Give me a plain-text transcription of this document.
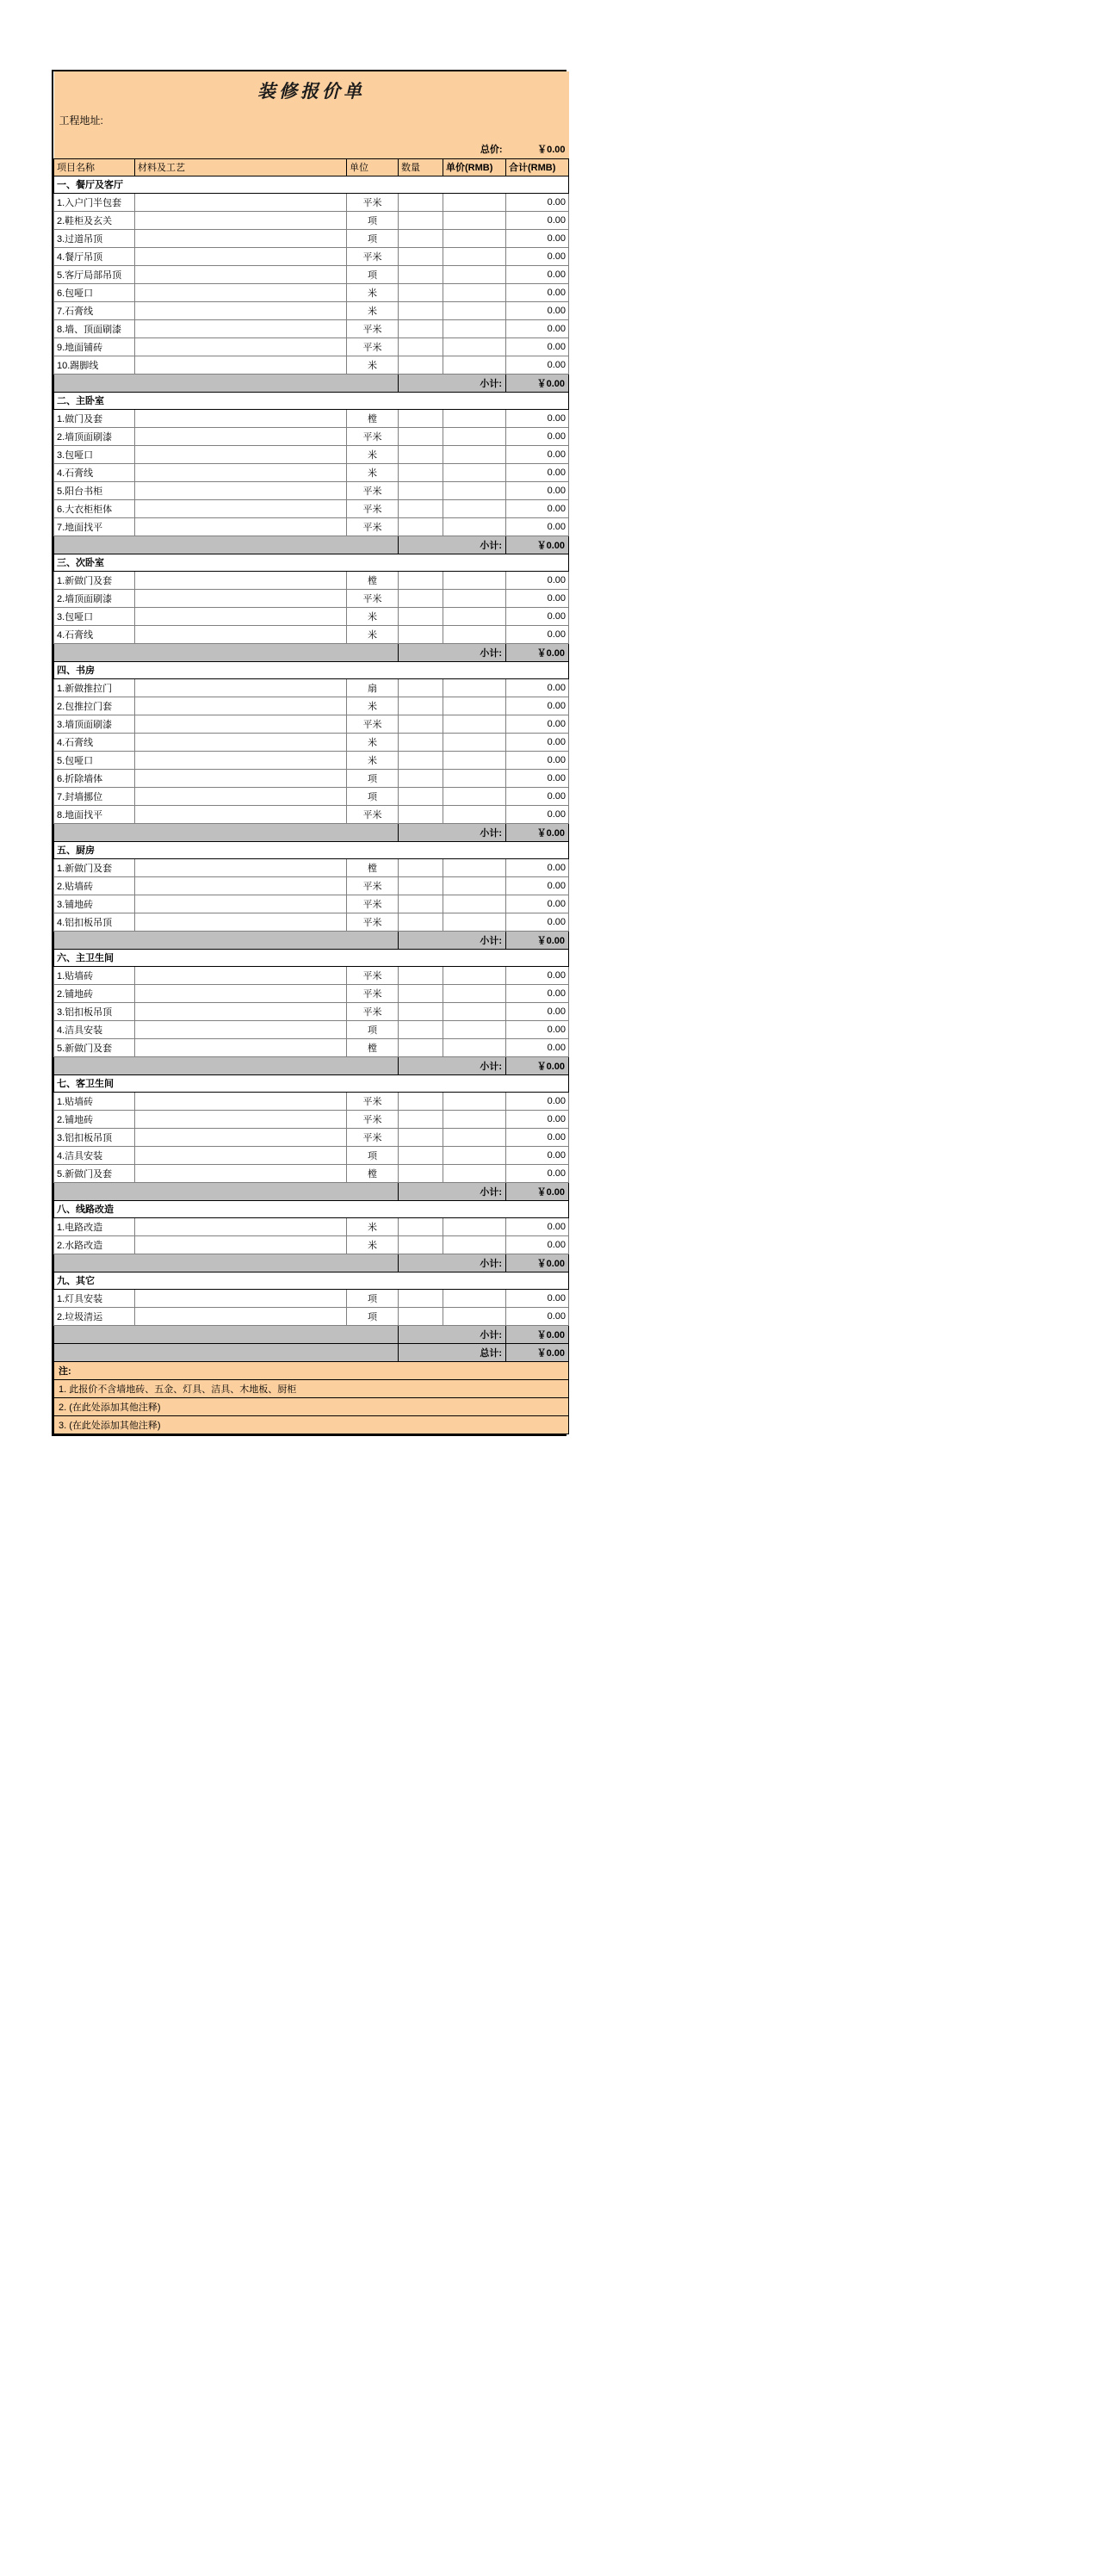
装修报价单					
工程地址:					

			总价:		￥0.00
项目名称	材料及工艺	单位	数量	单价(RMB)	合计(RMB)
一、餐厅及客厅					
1.入户门半包套		平米			0.00
2.鞋柜及玄关		项			0.00
3.过道吊顶		项			0.00
4.餐厅吊顶		平米			0.00
5.客厅局部吊顶		项			0.00
6.包哑口		米			0.00
7.石膏线		米			0.00
8.墙、顶面刷漆		平米			0.00
9.地面铺砖		平米			0.00
10.踢脚线		米			0.00
			小计:		￥0.00
二、主卧室					
1.做门及套		樘			0.00
2.墙顶面刷漆		平米			0.00
3.包哑口		米			0.00
4.石膏线		米			0.00
5.阳台书柜		平米			0.00
6.大衣柜柜体		平米			0.00
7.地面找平		平米			0.00
			小计:		￥0.00
三、次卧室					
1.新做门及套		樘			0.00
2.墙顶面刷漆		平米			0.00
3.包哑口		米			0.00
4.石膏线		米			0.00
			小计:		￥0.00
四、书房					
1.新做推拉门		扇			0.00
2.包推拉门套		米			0.00
3.墙顶面刷漆		平米			0.00
4.石膏线		米			0.00
5.包哑口		米			0.00
6.折除墙体		项			0.00
7.封墙挪位		项			0.00
8.地面找平		平米			0.00
			小计:		￥0.00
五、厨房					
1.新做门及套		樘			0.00
2.贴墙砖		平米			0.00
3.铺地砖		平米			0.00
4.铝扣板吊顶		平米			0.00
			小计:		￥0.00
六、主卫生间					
1.贴墙砖		平米			0.00
2.铺地砖		平米			0.00
3.铝扣板吊顶		平米			0.00
4.洁具安装		项			0.00
5.新做门及套		樘			0.00
			小计:		￥0.00
七、客卫生间					
1.贴墙砖		平米			0.00
2.铺地砖		平米			0.00
3.铝扣板吊顶		平米			0.00
4.洁具安装		项			0.00
5.新做门及套		樘			0.00
			小计:		￥0.00
八、线路改造					
1.电路改造		米			0.00
2.水路改造		米			0.00
			小计:		￥0.00
九、其它					
1.灯具安装		项			0.00
2.垃圾清运		项			0.00
			小计:		￥0.00
			总计:		￥0.00
注:					
1. 此报价不含墙地砖、五金、灯具、洁具、木地板、厨柜					
2. (在此处添加其他注释)					
3. (在此处添加其他注释)					
